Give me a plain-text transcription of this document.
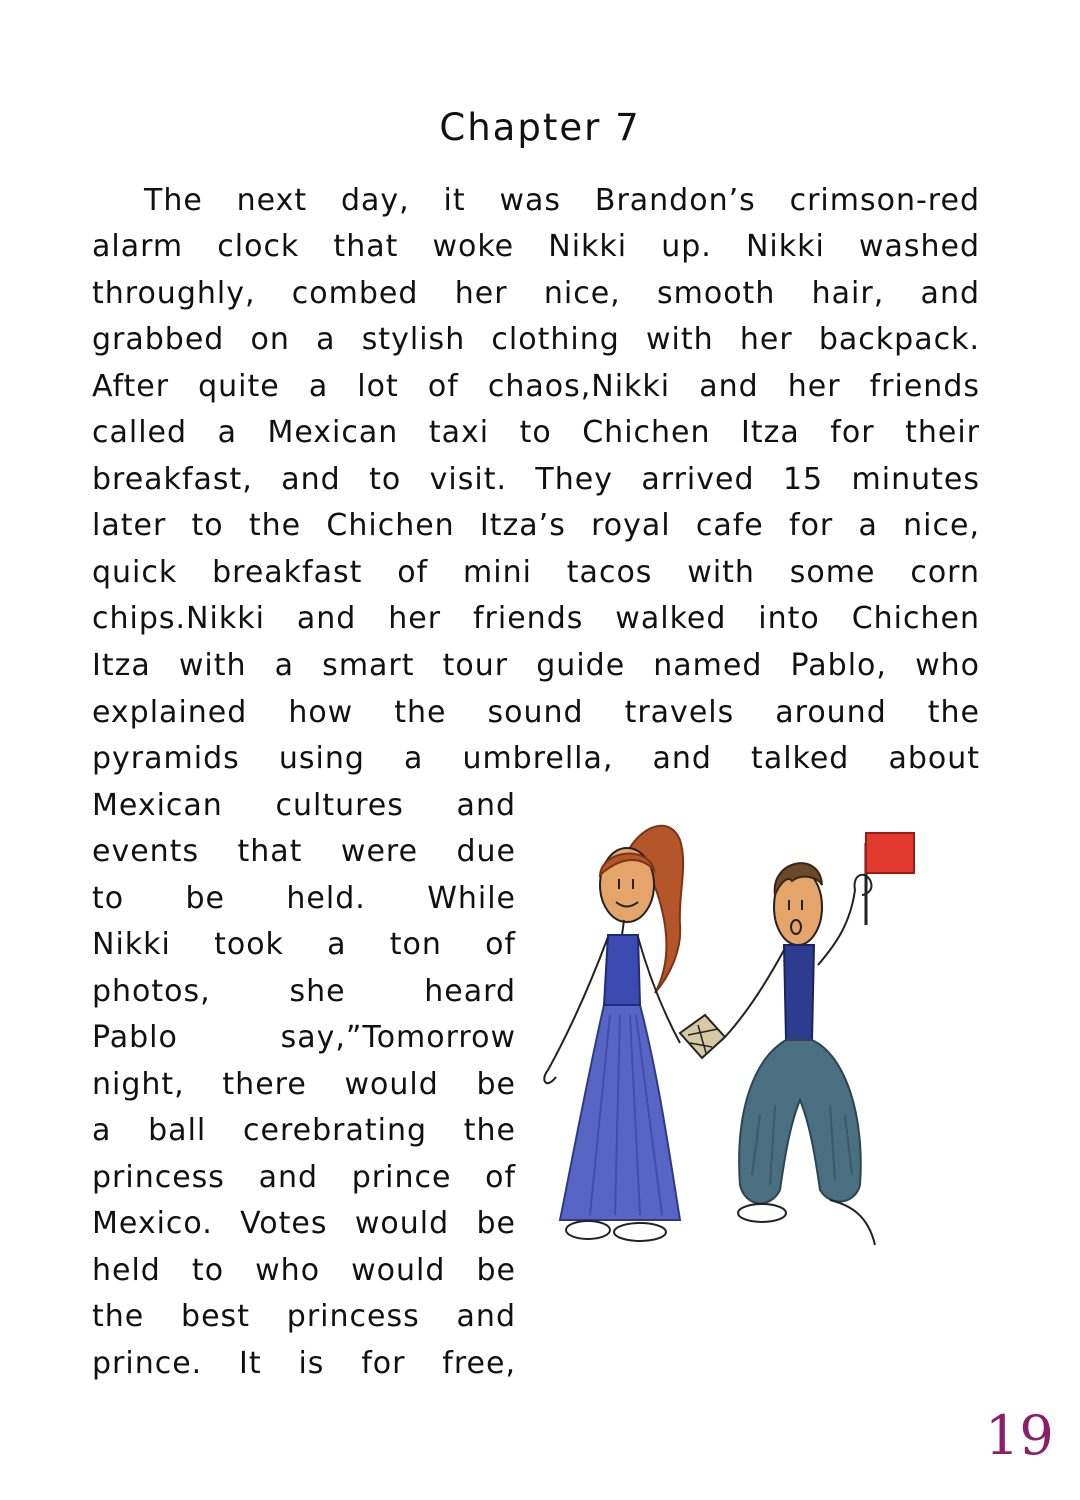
Chapter 7
The next day, it was Brandon’s crimson-red
alarm clock that woke Nikki up. Nikki washed
throughly, combed her nice, smooth hair, and
grabbed on a stylish clothing with her backpack.
After quite a lot of chaos,Nikki and her friends
called a Mexican taxi to Chichen Itza for their
breakfast, and to visit. They arrived 15 minutes
later to the Chichen Itza’s royal cafe for a nice,
quick breakfast of mini tacos with some corn
chips.Nikki and her friends walked into Chichen
Itza with a smart tour guide named Pablo, who
explained how the sound travels around the
pyramids using a umbrella, and talked about
Mexican cultures and
events that were due
to be held. While
Nikki took a ton of
photos, she heard
Pablo say,”Tomorrow
night, there would be
a ball cerebrating the
princess and prince of
Mexico. Votes would be
held to who would be
the best princess and
prince. It is for free,
19
